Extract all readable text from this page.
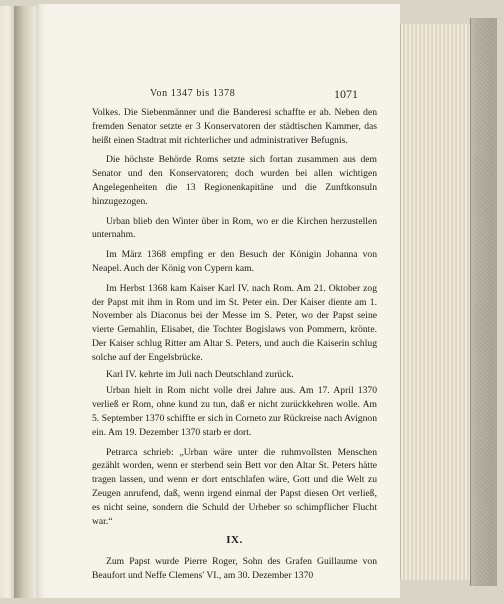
Von 1347 bis 1378	1071

Volkes. Die Siebenmänner und die Banderesi schaffte er ab. Neben den fremden Senator setzte er 3 Konservatoren der städtischen Kammer, das heißt einen Stadtrat mit richterlicher und administrativer Befugnis.

Die höchste Behörde Roms setzte sich fortan zusammen aus dem Senator und den Konservatoren; doch wurden bei allen wichtigen Angelegenheiten die 13 Regionenkapitäne und die Zunftkonsuln hinzugezogen.

Urban blieb den Winter über in Rom, wo er die Kirchen herzustellen unternahm.

Im März 1368 empfing er den Besuch der Königin Johanna von Neapel. Auch der König von Cypern kam.

Im Herbst 1368 kam Kaiser Karl IV. nach Rom. Am 21. Oktober zog der Papst mit ihm in Rom und im St. Peter ein. Der Kaiser diente am 1. November als Diaconus bei der Messe im S. Peter, wo der Papst seine vierte Gemahlin, Elisabet, die Tochter Bogislaws von Pommern, krönte. Der Kaiser schlug Ritter am Altar S. Peters, und auch die Kaiserin schlug solche auf der Engelsbrücke.

Karl IV. kehrte im Juli nach Deutschland zurück.

Urban hielt in Rom nicht volle drei Jahre aus. Am 17. April 1370 verließ er Rom, ohne kund zu tun, daß er nicht zurückkehren wolle. Am 5. September 1370 schiffte er sich in Corneto zur Rückreise nach Avignon ein. Am 19. Dezember 1370 starb er dort.

Petrarca schrieb: „Urban wäre unter die ruhmvollsten Menschen gezählt worden, wenn er sterbend sein Bett vor den Altar St. Peters hätte tragen lassen, und wenn er dort entschlafen wäre, Gott und die Welt zu Zeugen anrufend, daß, wenn irgend einmal der Papst diesen Ort verließ, es nicht seine, sondern die Schuld der Urheber so schimpflicher Flucht war.“

IX.

Zum Papst wurde Pierre Roger, Sohn des Grafen Guillaume von Beaufort und Neffe Clemens' VI., am 30. Dezember 1370
